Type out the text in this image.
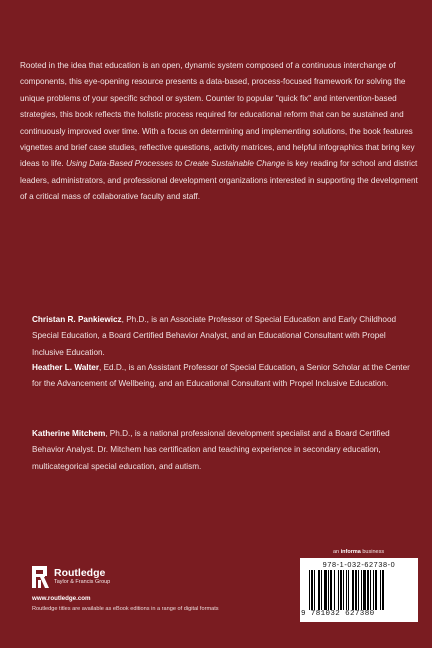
Rooted in the idea that education is an open, dynamic system composed of a continuous interchange of components, this eye-opening resource presents a data-based, process-focused framework for solving the unique problems of your specific school or system. Counter to popular "quick fix" and intervention-based strategies, this book reflects the holistic process required for educational reform that can be sustained and continuously improved over time. With a focus on determining and implementing solutions, the book features vignettes and brief case studies, reflective questions, activity matrices, and helpful infographics that bring key ideas to life. Using Data-Based Processes to Create Sustainable Change is key reading for school and district leaders, administrators, and professional development organizations interested in supporting the development of a critical mass of collaborative faculty and staff.

Christan R. Pankiewicz, Ph.D., is an Associate Professor of Special Education and Early Childhood Special Education, a Board Certified Behavior Analyst, and an Educational Consultant with Propel Inclusive Education.

Heather L. Walter, Ed.D., is an Assistant Professor of Special Education, a Senior Scholar at the Center for the Advancement of Wellbeing, and an Educational Consultant with Propel Inclusive Education.

Katherine Mitchem, Ph.D., is a national professional development specialist and a Board Certified Behavior Analyst. Dr. Mitchem has certification and teaching experience in secondary education, multicategorical special education, and autism.

an informa business
Routledge
Taylor & Francis Group
www.routledge.com
Routledge titles are available as eBook editions in a range of digital formats
978-1-032-62738-0
9 781032 627380
